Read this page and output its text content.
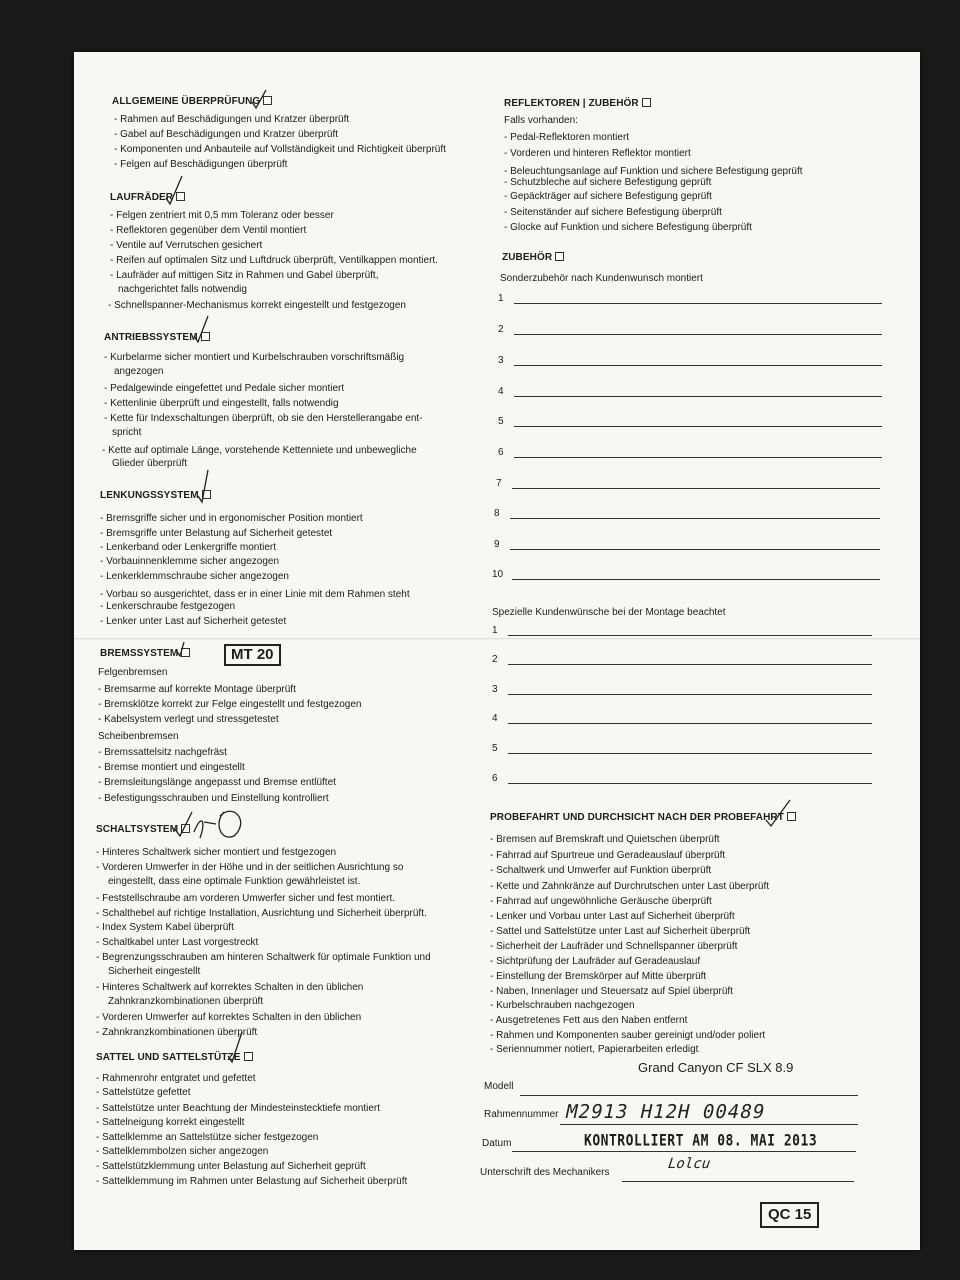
ALLGEMEINE ÜBERPRÜFUNG
- Rahmen auf Beschädigungen und Kratzer überprüft
- Gabel auf Beschädigungen und Kratzer überprüft
- Komponenten und Anbauteile auf Vollständigkeit und Richtigkeit überprüft
- Felgen auf Beschädigungen überprüft
LAUFRÄDER
- Felgen zentriert mit 0,5 mm Toleranz oder besser
- Reflektoren gegenüber dem Ventil montiert
- Ventile auf Verrutschen gesichert
- Reifen auf optimalen Sitz und Luftdruck überprüft, Ventilkappen montiert.
- Laufräder auf mittigen Sitz in Rahmen und Gabel überprüft,
nachgerichtet falls notwendig
- Schnellspanner-Mechanismus korrekt eingestellt und festgezogen
ANTRIEBSSYSTEM
- Kurbelarme sicher montiert und Kurbelschrauben vorschriftsmäßig
angezogen
- Pedalgewinde eingefettet und Pedale sicher montiert
- Kettenlinie überprüft und eingestellt, falls notwendig
- Kette für Indexschaltungen überprüft, ob sie den Herstellerangabe ent-
spricht
- Kette auf optimale Länge, vorstehende Kettenniete und unbewegliche
Glieder überprüft
LENKUNGSSYSTEM
- Bremsgriffe sicher und in ergonomischer Position montiert
- Bremsgriffe unter Belastung auf Sicherheit getestet
- Lenkerband oder Lenkergriffe montiert
- Vorbauinnenklemme sicher angezogen
- Lenkerklemmschraube sicher angezogen
- Vorbau so ausgerichtet, dass er in einer Linie mit dem Rahmen steht
- Lenkerschraube festgezogen
- Lenker unter Last auf Sicherheit getestet
BREMSSYSTEM	MT 20
Felgenbremsen
- Bremsarme auf korrekte Montage überprüft
- Bremsklötze korrekt zur Felge eingestellt und festgezogen
- Kabelsystem verlegt und stressgetestet
Scheibenbremsen
- Bremssattelsitz nachgefräst
- Bremse montiert und eingestellt
- Bremsleitungslänge angepasst und Bremse entlüftet
- Befestigungsschrauben und Einstellung kontrolliert
SCHALTSYSTEM
- Hinteres Schaltwerk sicher montiert und festgezogen
- Vorderen Umwerfer in der Höhe und in der seitlichen Ausrichtung so
eingestellt, dass eine optimale Funktion gewährleistet ist.
- Feststellschraube am vorderen Umwerfer sicher und fest montiert.
- Schalthebel auf richtige Installation, Ausrichtung und Sicherheit überprüft.
- Index System Kabel überprüft
- Schaltkabel unter Last vorgestreckt
- Begrenzungsschrauben am hinteren Schaltwerk für optimale Funktion und
Sicherheit eingestellt
- Hinteres Schaltwerk auf korrektes Schalten in den üblichen
Zahnkranzkombinationen überprüft
- Vorderen Umwerfer auf korrektes Schalten in den üblichen
- Zahnkranzkombinationen überprüft
SATTEL UND SATTELSTÜTZE
- Rahmenrohr entgratet und gefettet
- Sattelstütze gefettet
- Sattelstütze unter Beachtung der Mindesteinstecktiefe montiert
- Sattelneigung korrekt eingestellt
- Sattelklemme an Sattelstütze sicher festgezogen
- Sattelklemmbolzen sicher angezogen
- Sattelstützklemmung unter Belastung auf Sicherheit geprüft
- Sattelklemmung im Rahmen unter Belastung auf Sicherheit überprüft
REFLEKTOREN | ZUBEHÖR
Falls vorhanden:
- Pedal-Reflektoren montiert
- Vorderen und hinteren Reflektor montiert
- Beleuchtungsanlage auf Funktion und sichere Befestigung geprüft
- Schutzbleche auf sichere Befestigung geprüft
- Gepäckträger auf sichere Befestigung geprüft
- Seitenständer auf sichere Befestigung überprüft
- Glocke auf Funktion und sichere Befestigung überprüft
ZUBEHÖR
Sonderzubehör nach Kundenwunsch montiert
1
2
3
4
5
6
7
8
9
10
Spezielle Kundenwünsche bei der Montage beachtet
1
2
3
4
5
6
PROBEFAHRT UND DURCHSICHT NACH DER PROBEFAHRT
- Bremsen auf Bremskraft und Quietschen überprüft
- Fahrrad auf Spurtreue und Geradeauslauf überprüft
- Schaltwerk und Umwerfer auf Funktion überprüft
- Kette und Zahnkränze auf Durchrutschen unter Last überprüft
- Fahrrad auf ungewöhnliche Geräusche überprüft
- Lenker und Vorbau unter Last auf Sicherheit überprüft
- Sattel und Sattelstütze unter Last auf Sicherheit überprüft
- Sicherheit der Laufräder und Schnellspanner überprüft
- Sichtprüfung der Laufräder auf Geradeauslauf
- Einstellung der Bremskörper auf Mitte überprüft
- Naben, Innenlager und Steuersatz auf Spiel überprüft
- Kurbelschrauben nachgezogen
- Ausgetretenes Fett aus den Naben entfernt
- Rahmen und Komponenten sauber gereinigt und/oder poliert
- Seriennummer notiert, Papierarbeiten erledigt
Grand Canyon CF SLX 8.9
Modell
Rahmennummer M2913 H12H 00489
Datum	KONTROLLIERT AM 08. MAI 2013
Unterschrift des Mechanikers
Lolcu
QC 15
